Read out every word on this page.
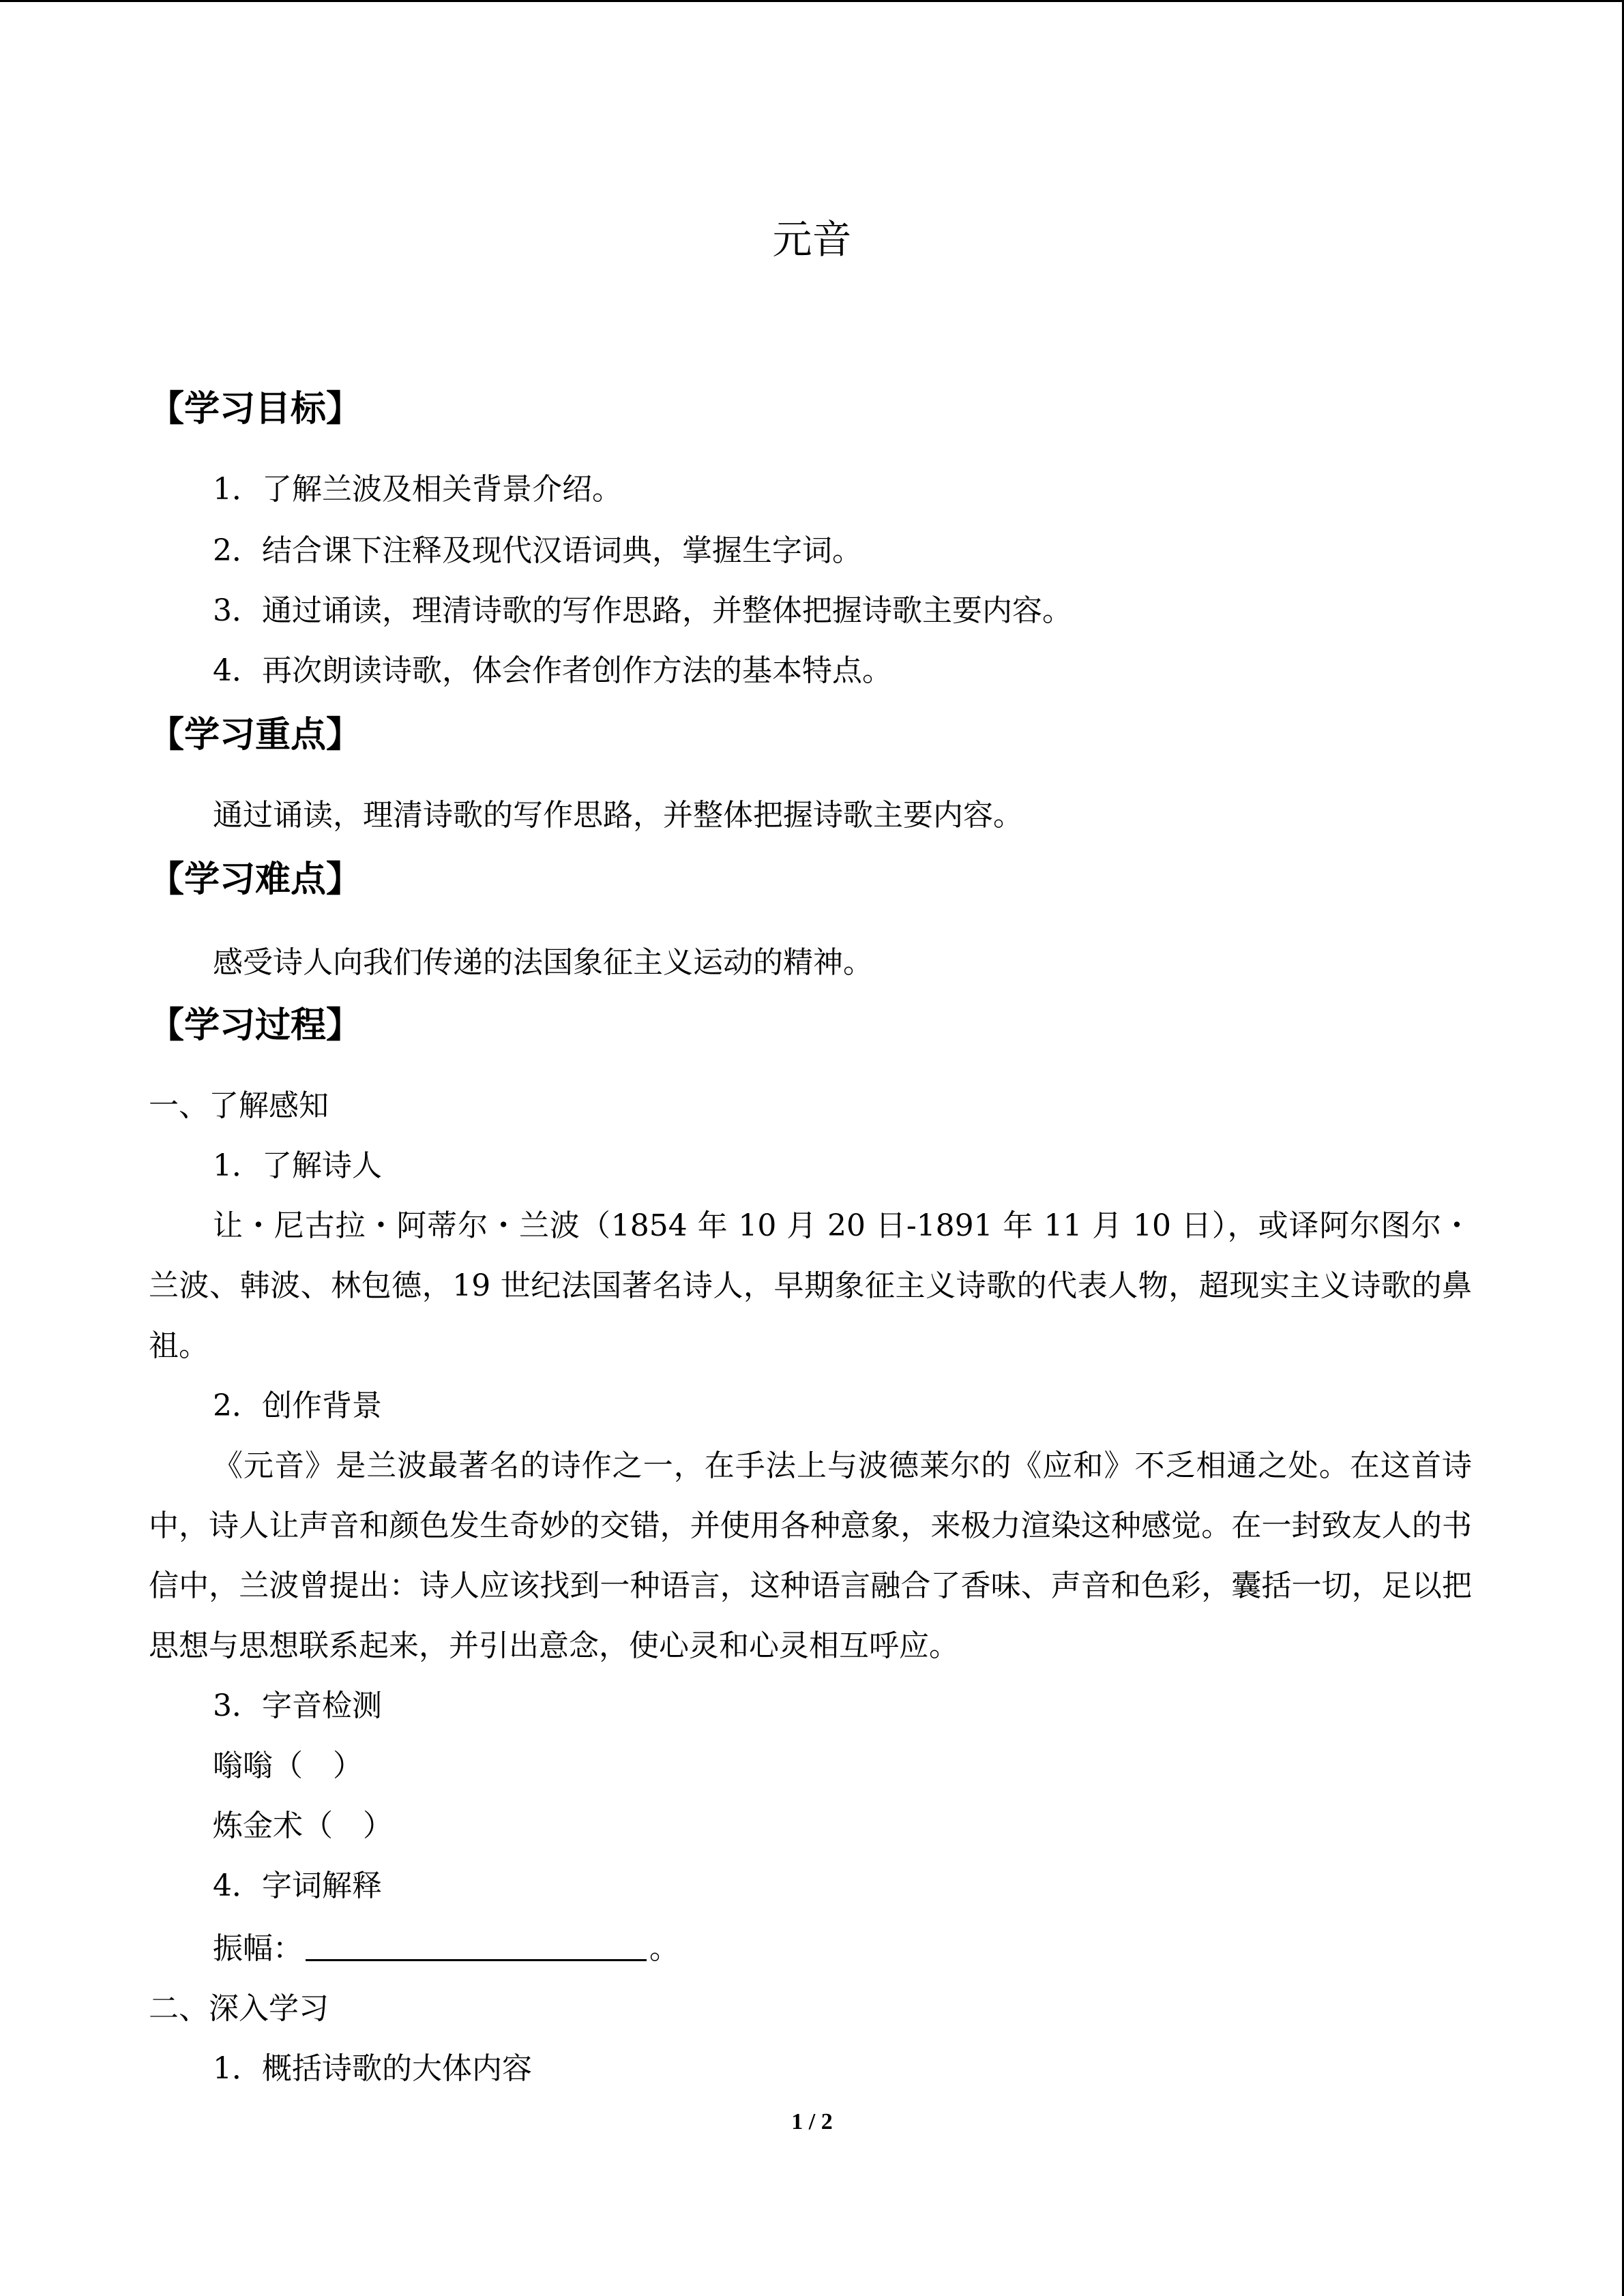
元音
【学习目标】
1．了解兰波及相关背景介绍。
2．结合课下注释及现代汉语词典，掌握生字词。
3．通过诵读，理清诗歌的写作思路，并整体把握诗歌主要内容。
4．再次朗读诗歌，体会作者创作方法的基本特点。
【学习重点】
通过诵读，理清诗歌的写作思路，并整体把握诗歌主要内容。
【学习难点】
感受诗人向我们传递的法国象征主义运动的精神。
【学习过程】
一、了解感知
1．了解诗人
让・尼古拉・阿蒂尔・兰波（1854 年 10 月 20 日-1891 年 11 月 10 日），或译阿尔图尔・兰波、韩波、林包德，19 世纪法国著名诗人，早期象征主义诗歌的代表人物，超现实主义诗歌的鼻祖。
2．创作背景
《元音》是兰波最著名的诗作之一，在手法上与波德莱尔的《应和》不乏相通之处。在这首诗中，诗人让声音和颜色发生奇妙的交错，并使用各种意象，来极力渲染这种感觉。在一封致友人的书信中，兰波曾提出：诗人应该找到一种语言，这种语言融合了香味、声音和色彩，囊括一切，足以把思想与思想联系起来，并引出意念，使心灵和心灵相互呼应。
3．字音检测
嗡嗡（　）
炼金术（　）
4．字词解释
振幅：	。
二、深入学习
1．概括诗歌的大体内容
1 / 2
